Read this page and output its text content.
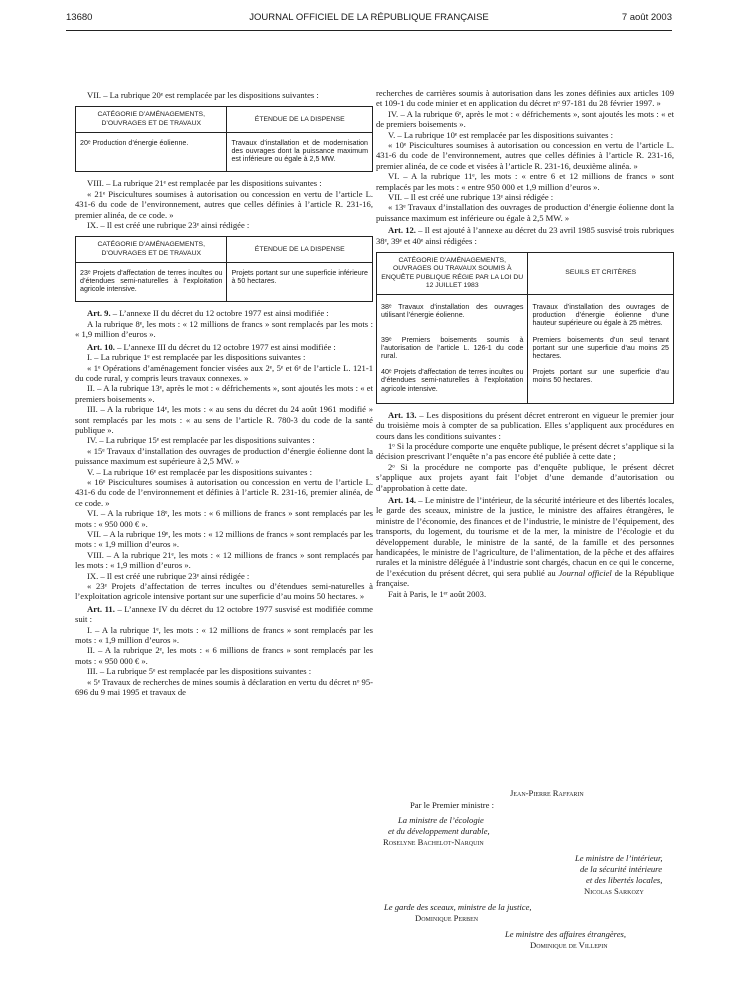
13680	JOURNAL OFFICIEL DE LA RÉPUBLIQUE FRANÇAISE	7 août 2003

VII. – La rubrique 20ᵉ est remplacée par les dispositions suivantes :

CATÉGORIE D’AMÉNAGEMENTS, D’OUVRAGES ET DE TRAVAUX	ÉTENDUE DE LA DISPENSE
20ᵉ Production d’énergie éolienne.	Travaux d’installation et de modernisation des ouvrages dont la puissance maximum est inférieure ou égale à 2,5 MW.

VIII. – La rubrique 21ᵉ est remplacée par les dispositions suivantes :

« 21ᵉ Piscicultures soumises à autorisation ou concession en vertu de l’article L. 431-6 du code de l’environnement, autres que celles définies à l’article R. 231-16, premier alinéa, de ce code. »

IX. – Il est créé une rubrique 23ᵉ ainsi rédigée :

CATÉGORIE D’AMÉNAGEMENTS, D’OUVRAGES ET DE TRAVAUX	ÉTENDUE DE LA DISPENSE
23ᵉ Projets d’affectation de terres incultes ou d’étendues semi-naturelles à l’exploitation agricole intensive.	Projets portant sur une superficie inférieure à 50 hectares.

Art. 9. – L’annexe II du décret du 12 octobre 1977 est ainsi modifiée :

A la rubrique 8ᵉ, les mots : « 12 millions de francs » sont remplacés par les mots : « 1,9 million d’euros ».

Art. 10. – L’annexe III du décret du 12 octobre 1977 est ainsi modifiée :

I. – La rubrique 1ᵉ est remplacée par les dispositions suivantes :

« 1ᵉ Opérations d’aménagement foncier visées aux 2ᵉ, 5ᵉ et 6ᵉ de l’article L. 121-1 du code rural, y compris leurs travaux connexes. »

II. – A la rubrique 13ᵉ, après le mot : « défrichements », sont ajoutés les mots : « et premiers boisements ».

III. – A la rubrique 14ᵉ, les mots : « au sens du décret du 24 août 1961 modifié » sont remplacés par les mots : « au sens de l’article R. 780-3 du code de la santé publique ».

IV. – La rubrique 15ᵉ est remplacée par les dispositions suivantes :

« 15ᵉ Travaux d’installation des ouvrages de production d’énergie éolienne dont la puissance maximum est supérieure à 2,5 MW. »

V. – La rubrique 16ᵉ est remplacée par les dispositions suivantes :

« 16ᵉ Piscicultures soumises à autorisation ou concession en vertu de l’article L. 431-6 du code de l’environnement et définies à l’article R. 231-16, premier alinéa, de ce code. »

VI. – A la rubrique 18ᵉ, les mots : « 6 millions de francs » sont remplacés par les mots : « 950 000 € ».

VII. – A la rubrique 19ᵉ, les mots : « 12 millions de francs » sont remplacés par les mots : « 1,9 million d’euros ».

VIII. – A la rubrique 21ᵉ, les mots : « 12 millions de francs » sont remplacés par les mots : « 1,9 million d’euros ».

IX. – Il est créé une rubrique 23ᵉ ainsi rédigée :

« 23ᵉ Projets d’affectation de terres incultes ou d’étendues semi-naturelles à l’exploitation agricole intensive portant sur une superficie d’au moins 50 hectares. »

Art. 11. – L’annexe IV du décret du 12 octobre 1977 susvisé est modifiée comme suit :

I. – A la rubrique 1ᵉ, les mots : « 12 millions de francs » sont remplacés par les mots : « 1,9 million d’euros ».

II. – A la rubrique 2ᵉ, les mots : « 6 millions de francs » sont remplacés par les mots : « 950 000 € ».

III. – La rubrique 5ᵉ est remplacée par les dispositions suivantes :

« 5ᵉ Travaux de recherches de mines soumis à déclaration en vertu du décret nᵒ 95-696 du 9 mai 1995 et travaux de

recherches de carrières soumis à autorisation dans les zones définies aux articles 109 et 109-1 du code minier et en application du décret nᵒ 97-181 du 28 février 1997. »

IV. – A la rubrique 6ᵉ, après le mot : « défrichements », sont ajoutés les mots : « et de premiers boisements ».

V. – La rubrique 10ᵉ est remplacée par les dispositions suivantes :

« 10ᵉ Piscicultures soumises à autorisation ou concession en vertu de l’article L. 431-6 du code de l’environnement, autres que celles définies à l’article R. 231-16, premier alinéa, de ce code et visées à l’article R. 231-16, deuxième alinéa. »

VI. – A la rubrique 11ᵉ, les mots : « entre 6 et 12 millions de francs » sont remplacés par les mots : « entre 950 000 et 1,9 million d’euros ».

VII. – Il est créé une rubrique 13ᵉ ainsi rédigée :

« 13ᵉ Travaux d’installation des ouvrages de production d’énergie éolienne dont la puissance maximum est inférieure ou égale à 2,5 MW. »

Art. 12. – Il est ajouté à l’annexe au décret du 23 avril 1985 susvisé trois rubriques 38ᵉ, 39ᵉ et 40ᵉ ainsi rédigées :

CATÉGORIE D’AMÉNAGEMENTS, OUVRAGES OU TRAVAUX SOUMIS À ENQUÊTE PUBLIQUE RÉGIE PAR LA LOI DU 12 JUILLET 1983	SEUILS ET CRITÈRES
38ᵉ Travaux d’installation des ouvrages utilisant l’énergie éolienne.	Travaux d’installation des ouvrages de production d’énergie éolienne d’une hauteur supérieure ou égale à 25 mètres.
39ᵉ Premiers boisements soumis à l’autorisation de l’article L. 126-1 du code rural.	Premiers boisements d’un seul tenant portant sur une superficie d’au moins 25 hectares.
40ᵉ Projets d’affectation de terres incultes ou d’étendues semi-naturelles à l’exploitation agricole intensive.	Projets portant sur une superficie d’au moins 50 hectares.

Art. 13. – Les dispositions du présent décret entreront en vigueur le premier jour du troisième mois à compter de sa publication. Elles s’appliquent aux procédures en cours dans les conditions suivantes :

1ᵒ Si la procédure comporte une enquête publique, le présent décret s’applique si la décision prescrivant l’enquête n’a pas encore été publiée à cette date ;

2ᵒ Si la procédure ne comporte pas d’enquête publique, le présent décret s’applique aux projets ayant fait l’objet d’une demande d’autorisation ou d’approbation à cette date.

Art. 14. – Le ministre de l’intérieur, de la sécurité intérieure et des libertés locales, le garde des sceaux, ministre de la justice, le ministre des affaires étrangères, le ministre de l’économie, des finances et de l’industrie, le ministre de l’équipement, des transports, du logement, du tourisme et de la mer, la ministre de l’écologie et du développement durable, le ministre de la santé, de la famille et des personnes handicapées, le ministre de l’agriculture, de l’alimentation, de la pêche et des affaires rurales et la ministre déléguée à l’industrie sont chargés, chacun en ce qui le concerne, de l’exécution du présent décret, qui sera publié au Journal officiel de la République française.

Fait à Paris, le 1ᵉʳ août 2003.

Jean-Pierre Raffarin
Par le Premier ministre :
La ministre de l’écologie
et du développement durable,
Roselyne Bachelot-Narquin
Le ministre de l’intérieur,
de la sécurité intérieure
et des libertés locales,
Nicolas Sarkozy
Le garde des sceaux, ministre de la justice,
Dominique Perben
Le ministre des affaires étrangères,
Dominique de Villepin
